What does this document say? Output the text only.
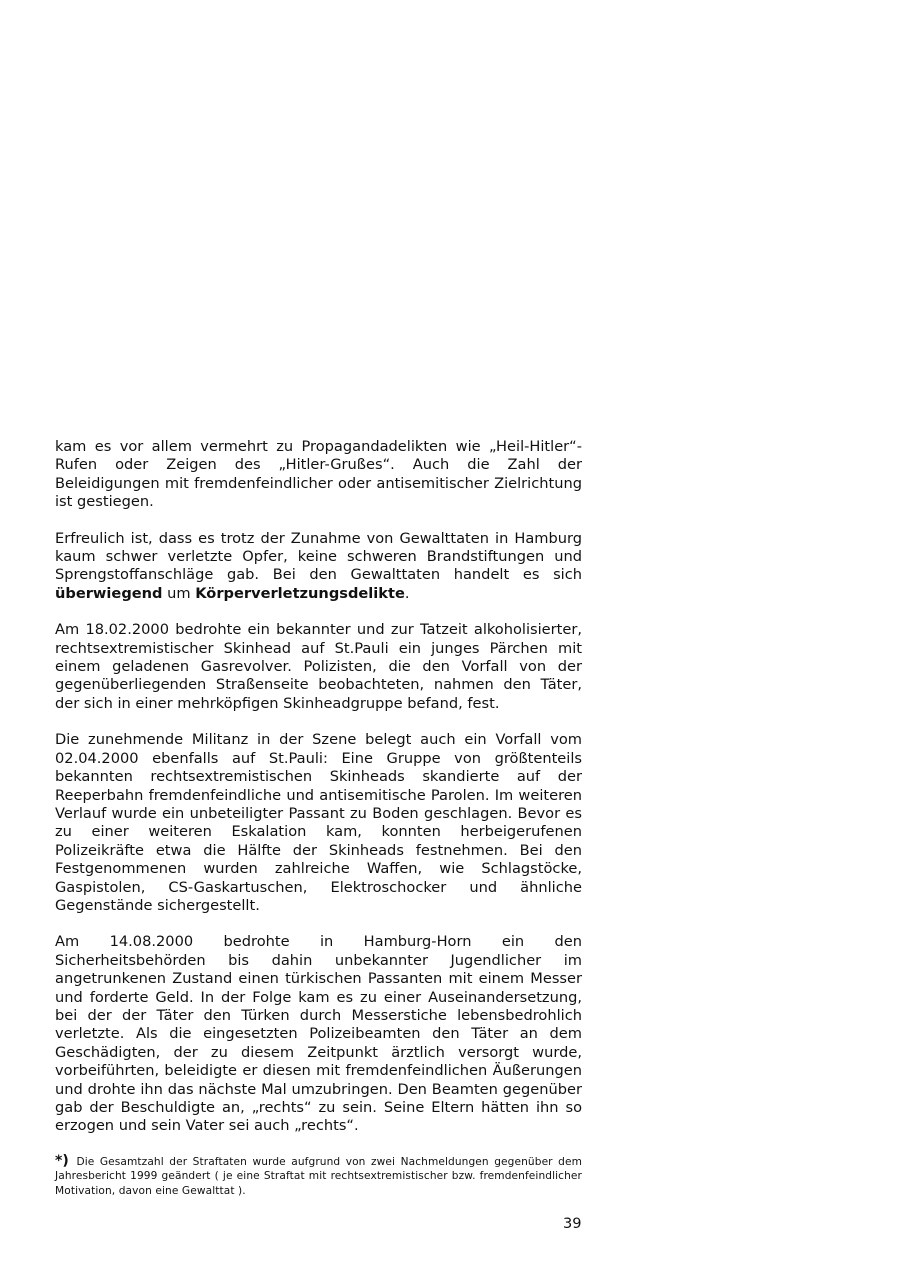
kam es vor allem vermehrt zu Propagandadelikten wie „Heil-Hitler“-Rufen oder Zeigen des „Hitler-Grußes“. Auch die Zahl der Beleidigungen mit fremdenfeindlicher oder antisemitischer Zielrichtung ist gestiegen.

Erfreulich ist, dass es trotz der Zunahme von Gewalttaten in Hamburg kaum schwer verletzte Opfer, keine schweren Brandstiftungen und Sprengstoffanschläge gab. Bei den Gewalttaten handelt es sich überwiegend um Körperverletzungsdelikte.

Am 18.02.2000 bedrohte ein bekannter und zur Tatzeit alkoholisierter, rechtsextremistischer Skinhead auf St.Pauli ein junges Pärchen mit einem geladenen Gasrevolver. Polizisten, die den Vorfall von der gegenüberliegenden Straßenseite beobachteten, nahmen den Täter, der sich in einer mehrköpfigen Skinheadgruppe befand, fest.

Die zunehmende Militanz in der Szene belegt auch ein Vorfall vom 02.04.2000 ebenfalls auf St.Pauli: Eine Gruppe von größtenteils bekannten rechtsextremistischen Skinheads skandierte auf der Reeperbahn fremdenfeindliche und antisemitische Parolen. Im weiteren Verlauf wurde ein unbeteiligter Passant zu Boden geschlagen. Bevor es zu einer weiteren Eskalation kam, konnten herbeigerufenen Polizeikräfte etwa die Hälfte der Skinheads festnehmen. Bei den Festgenommenen wurden zahlreiche Waffen, wie Schlagstöcke, Gaspistolen, CS-Gaskartuschen, Elektroschocker und ähnliche Gegenstände sichergestellt.

Am 14.08.2000 bedrohte in Hamburg-Horn ein den Sicherheitsbehörden bis dahin unbekannter Jugendlicher im angetrunkenen Zustand einen türkischen Passanten mit einem Messer und forderte Geld. In der Folge kam es zu einer Auseinandersetzung, bei der der Täter den Türken durch Messerstiche lebensbedrohlich verletzte. Als die eingesetzten Polizeibeamten den Täter an dem Geschädigten, der zu diesem Zeitpunkt ärztlich versorgt wurde, vorbeiführten, beleidigte er diesen mit fremdenfeindlichen Äußerungen und drohte ihn das nächste Mal umzubringen. Den Beamten gegenüber gab der Beschuldigte an, „rechts“ zu sein. Seine Eltern hätten ihn so erzogen und sein Vater sei auch „rechts“.

*) Die Gesamtzahl der Straftaten wurde aufgrund von zwei Nachmeldungen gegenüber dem Jahresbericht 1999 geändert ( je eine Straftat mit rechtsextremistischer bzw. fremdenfeindlicher Motivation, davon eine Gewalttat ).

39
